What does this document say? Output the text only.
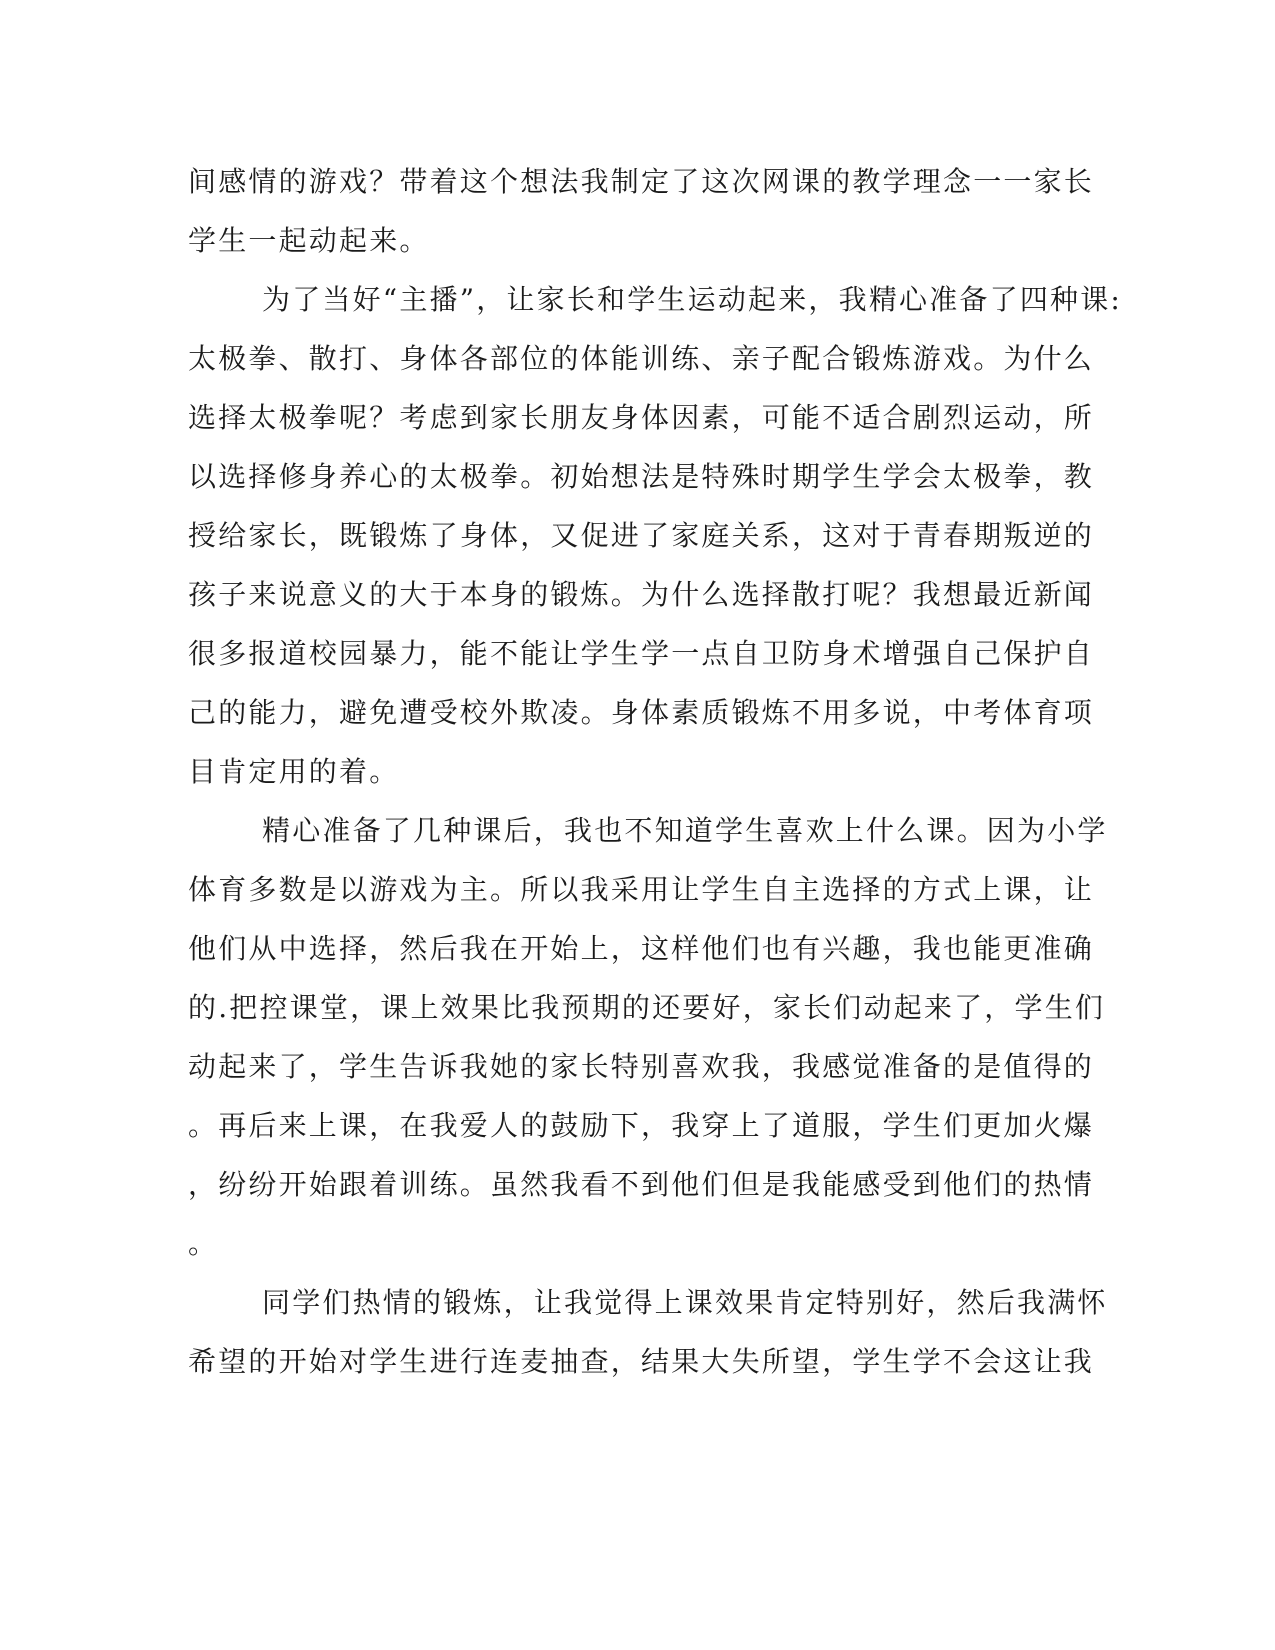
间感情的游戏？带着这个想法我制定了这次网课的教学理念一一家长
学生一起动起来。
为了当好“主播”，让家长和学生运动起来，我精心准备了四种课:
太极拳、散打、身体各部位的体能训练、亲子配合锻炼游戏。为什么
选择太极拳呢？考虑到家长朋友身体因素，可能不适合剧烈运动，所
以选择修身养心的太极拳。初始想法是特殊时期学生学会太极拳，教
授给家长，既锻炼了身体，又促进了家庭关系，这对于青春期叛逆的
孩子来说意义的大于本身的锻炼。为什么选择散打呢？我想最近新闻
很多报道校园暴力，能不能让学生学一点自卫防身术增强自己保护自
己的能力，避免遭受校外欺凌。身体素质锻炼不用多说，中考体育项
目肯定用的着。
精心准备了几种课后，我也不知道学生喜欢上什么课。因为小学
体育多数是以游戏为主。所以我采用让学生自主选择的方式上课，让
他们从中选择，然后我在开始上，这样他们也有兴趣，我也能更准确
的.把控课堂，课上效果比我预期的还要好，家长们动起来了，学生们
动起来了，学生告诉我她的家长特别喜欢我，我感觉准备的是值得的
。再后来上课，在我爱人的鼓励下，我穿上了道服，学生们更加火爆
，纷纷开始跟着训练。虽然我看不到他们但是我能感受到他们的热情
。
同学们热情的锻炼，让我觉得上课效果肯定特别好，然后我满怀
希望的开始对学生进行连麦抽查，结果大失所望，学生学不会这让我
